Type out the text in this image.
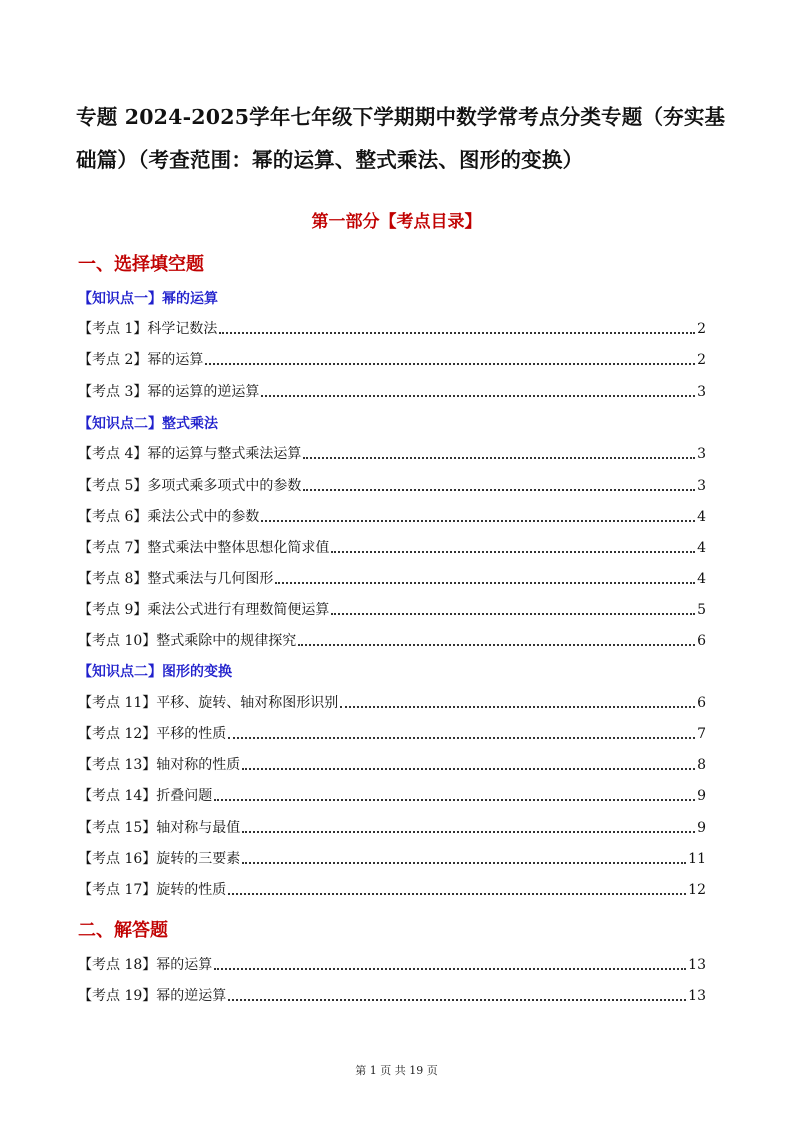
专题 2024-2025学年七年级下学期期中数学常考点分类专题（夯实基
础篇）（考查范围：幂的运算、整式乘法、图形的变换）
第一部分【考点目录】
一、选择填空题
【知识点一】幂的运算
【考点 1】科学记数法	2
【考点 2】幂的运算	2
【考点 3】幂的运算的逆运算	3
【知识点二】整式乘法
【考点 4】幂的运算与整式乘法运算	3
【考点 5】多项式乘多项式中的参数	3
【考点 6】乘法公式中的参数	4
【考点 7】整式乘法中整体思想化简求值	4
【考点 8】整式乘法与几何图形	4
【考点 9】乘法公式进行有理数简便运算	5
【考点 10】整式乘除中的规律探究	6
【知识点二】图形的变换
【考点 11】平移、旋转、轴对称图形识别	6
【考点 12】平移的性质	7
【考点 13】轴对称的性质	8
【考点 14】折叠问题	9
【考点 15】轴对称与最值	9
【考点 16】旋转的三要素	11
【考点 17】旋转的性质	12
二、解答题
【考点 18】幂的运算	13
【考点 19】幂的逆运算	13
第 1 页 共 19 页
